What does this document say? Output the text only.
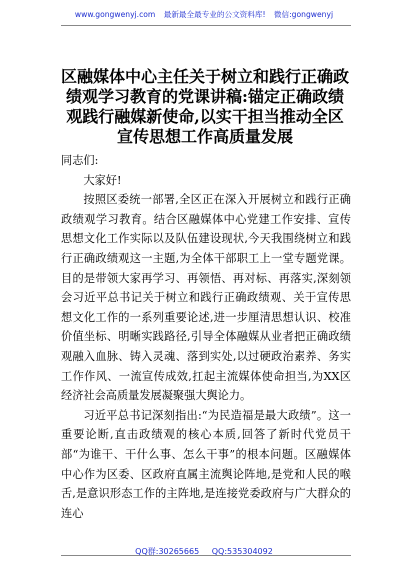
www.gongwenyj.com 最新最全最专业的公文资料库! 微信:gongwenyj
区融媒体中心主任关于树立和践行正确政绩观学习教育的党课讲稿:锚定正确政绩观践行融媒新使命,以实干担当推动全区宣传思想工作高质量发展

同志们:

大家好!

按照区委统一部署,全区正在深入开展树立和践行正确政绩观学习教育。结合区融媒体中心党建工作安排、宣传思想文化工作实际以及队伍建设现状,今天我围绕树立和践行正确政绩观这一主题,为全体干部职工上一堂专题党课。目的是带领大家再学习、再领悟、再对标、再落实,深刻领会习近平总书记关于树立和践行正确政绩观、关于宣传思想文化工作的一系列重要论述,进一步厘清思想认识、校准价值坐标、明晰实践路径,引导全体融媒从业者把正确政绩观融入血脉、铸入灵魂、落到实处,以过硬政治素养、务实工作作风、一流宣传成效,扛起主流媒体使命担当,为XX区经济社会高质量发展凝聚强大舆论力。

习近平总书记深刻指出:“为民造福是最大政绩”。这一重要论断,直击政绩观的核心本质,回答了新时代党员干部“为谁干、干什么事、怎么干事”的根本问题。区融媒体中心作为区委、区政府直属主流舆论阵地,是党和人民的喉舌,是意识形态工作的主阵地,是连接党委政府与广大群众的连心

QQ群:30265665 QQ:535304092
